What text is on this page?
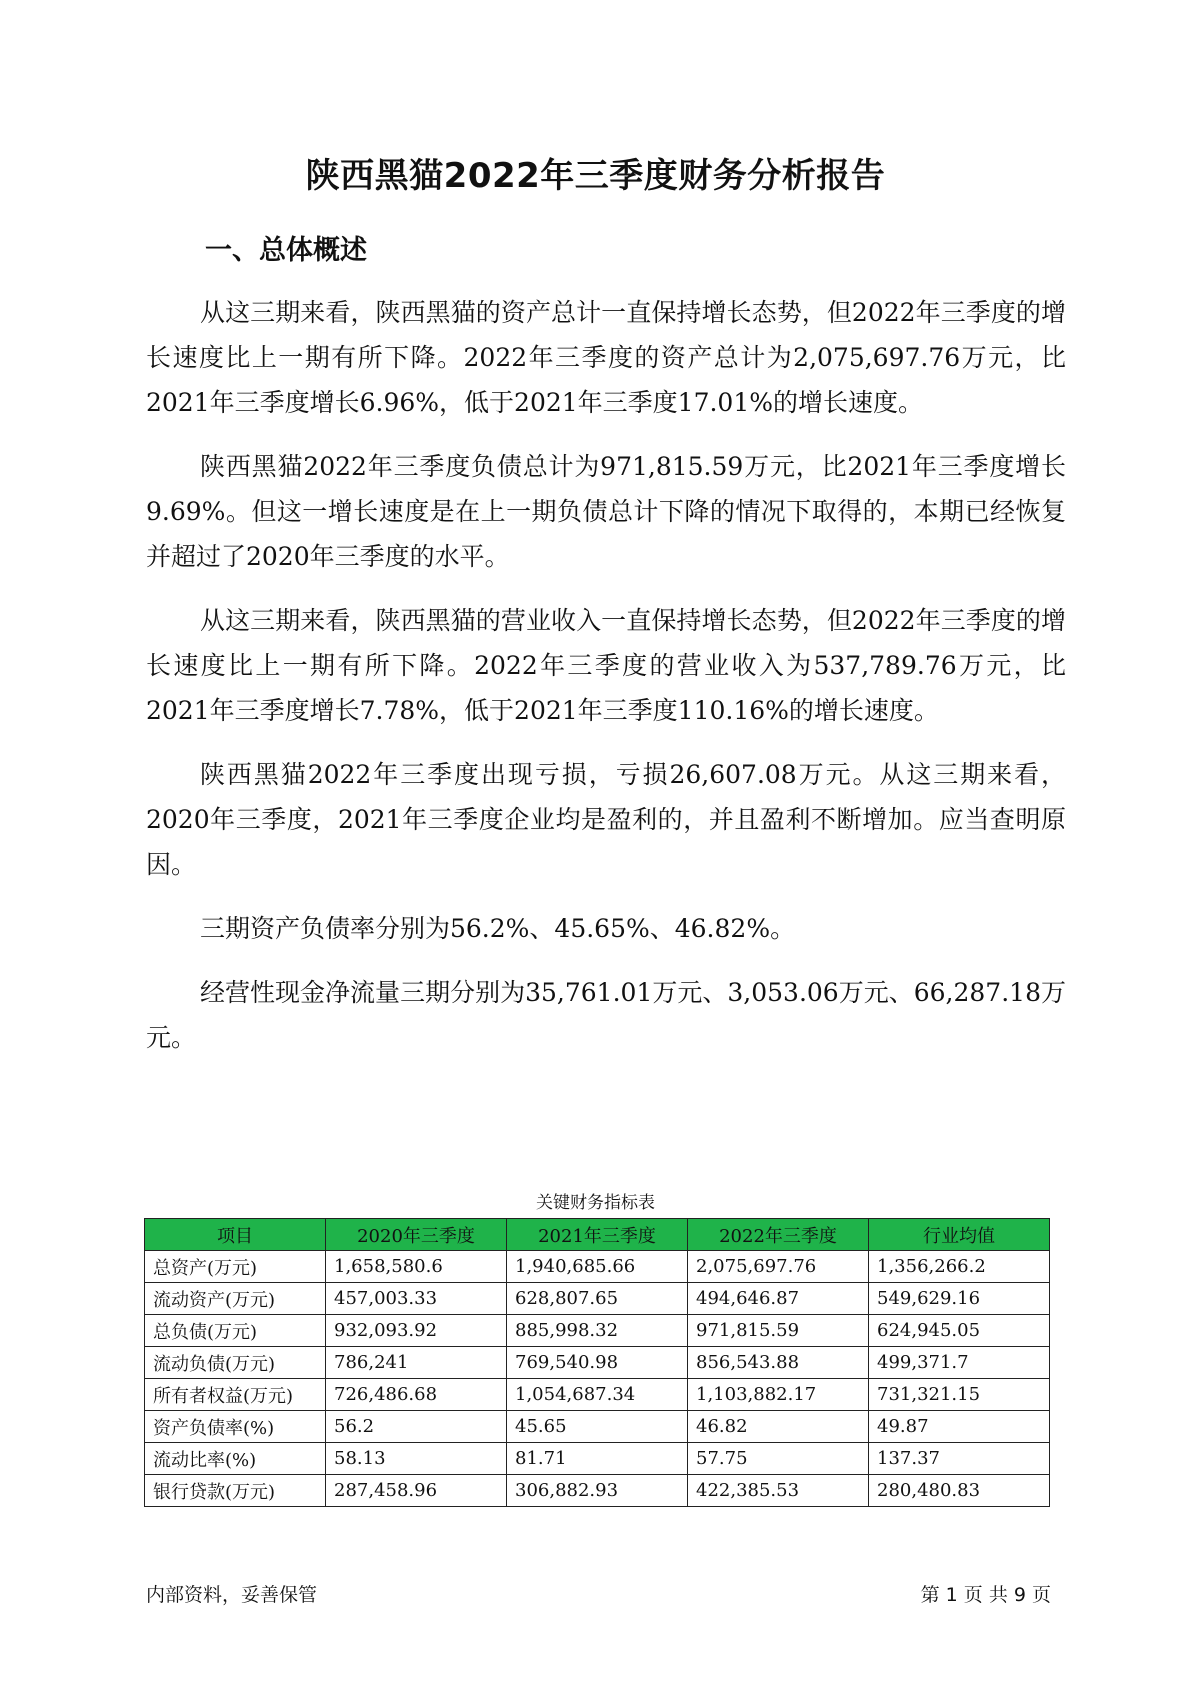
陕西黑猫2022年三季度财务分析报告
一、总体概述

从这三期来看，陕西黑猫的资产总计一直保持增长态势，但2022年三季度的增长速度比上一期有所下降。2022年三季度的资产总计为2,075,697.76万元，比2021年三季度增长6.96%，低于2021年三季度17.01%的增长速度。

陕西黑猫2022年三季度负债总计为971,815.59万元，比2021年三季度增长9.69%。但这一增长速度是在上一期负债总计下降的情况下取得的，本期已经恢复并超过了2020年三季度的水平。

从这三期来看，陕西黑猫的营业收入一直保持增长态势，但2022年三季度的增长速度比上一期有所下降。2022年三季度的营业收入为537,789.76万元，比2021年三季度增长7.78%，低于2021年三季度110.16%的增长速度。

陕西黑猫2022年三季度出现亏损，亏损26,607.08万元。从这三期来看，2020年三季度，2021年三季度企业均是盈利的，并且盈利不断增加。应当查明原因。

三期资产负债率分别为56.2%、45.65%、46.82%。

经营性现金净流量三期分别为35,761.01万元、3,053.06万元、66,287.18万元。

关键财务指标表
项目	2020年三季度	2021年三季度	2022年三季度	行业均值
总资产(万元)	1,658,580.6	1,940,685.66	2,075,697.76	1,356,266.2
流动资产(万元)	457,003.33	628,807.65	494,646.87	549,629.16
总负债(万元)	932,093.92	885,998.32	971,815.59	624,945.05
流动负债(万元)	786,241	769,540.98	856,543.88	499,371.7
所有者权益(万元)	726,486.68	1,054,687.34	1,103,882.17	731,321.15
资产负债率(%)	56.2	45.65	46.82	49.87
流动比率(%)	58.13	81.71	57.75	137.37
银行贷款(万元)	287,458.96	306,882.93	422,385.53	280,480.83
内部资料，妥善保管	第 1 页 共 9 页
